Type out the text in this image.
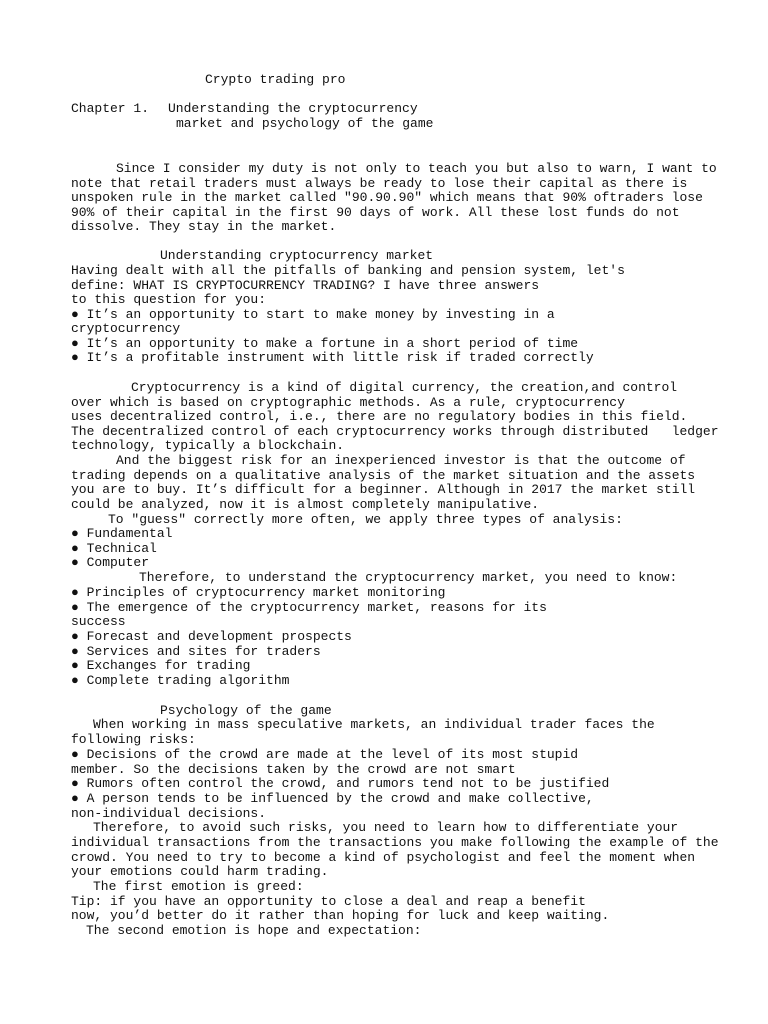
Crypto trading pro
Chapter 1. Understanding the cryptocurrency
market and psychology of the game
Since I consider my duty is not only to teach you but also to warn, I want to
note that retail traders must always be ready to lose their capital as there is
unspoken rule in the market called "90.90.90" which means that 90% oftraders lose
90% of their capital in the first 90 days of work. All these lost funds do not
dissolve. They stay in the market.
Understanding cryptocurrency market
Having dealt with all the pitfalls of banking and pension system, let's
define: WHAT IS CRYPTOCURRENCY TRADING? I have three answers
to this question for you:
● It’s an opportunity to start to make money by investing in a
cryptocurrency
● It’s an opportunity to make a fortune in a short period of time
● It’s a profitable instrument with little risk if traded correctly
Cryptocurrency is a kind of digital currency, the creation,and control
over which is based on cryptographic methods. As a rule, cryptocurrency
uses decentralized control, i.e., there are no regulatory bodies in this field.
The decentralized control of each cryptocurrency works through distributed   ledger
technology, typically a blockchain.
And the biggest risk for an inexperienced investor is that the outcome of
trading depends on a qualitative analysis of the market situation and the assets
you are to buy. It’s difficult for a beginner. Although in 2017 the market still
could be analyzed, now it is almost completely manipulative.
To "guess" correctly more often, we apply three types of analysis:
● Fundamental
● Technical
● Computer
Therefore, to understand the cryptocurrency market, you need to know:
● Principles of cryptocurrency market monitoring
● The emergence of the cryptocurrency market, reasons for its
success
● Forecast and development prospects
● Services and sites for traders
● Exchanges for trading
● Complete trading algorithm
Psychology of the game
When working in mass speculative markets, an individual trader faces the
following risks:
● Decisions of the crowd are made at the level of its most stupid
member. So the decisions taken by the crowd are not smart
● Rumors often control the crowd, and rumors tend not to be justified
● A person tends to be influenced by the crowd and make collective,
non-individual decisions.
Therefore, to avoid such risks, you need to learn how to differentiate your
individual transactions from the transactions you make following the example of the
crowd. You need to try to become a kind of psychologist and feel the moment when
your emotions could harm trading.
The first emotion is greed:
Tip: if you have an opportunity to close a deal and reap a benefit
now, you’d better do it rather than hoping for luck and keep waiting.
The second emotion is hope and expectation:
